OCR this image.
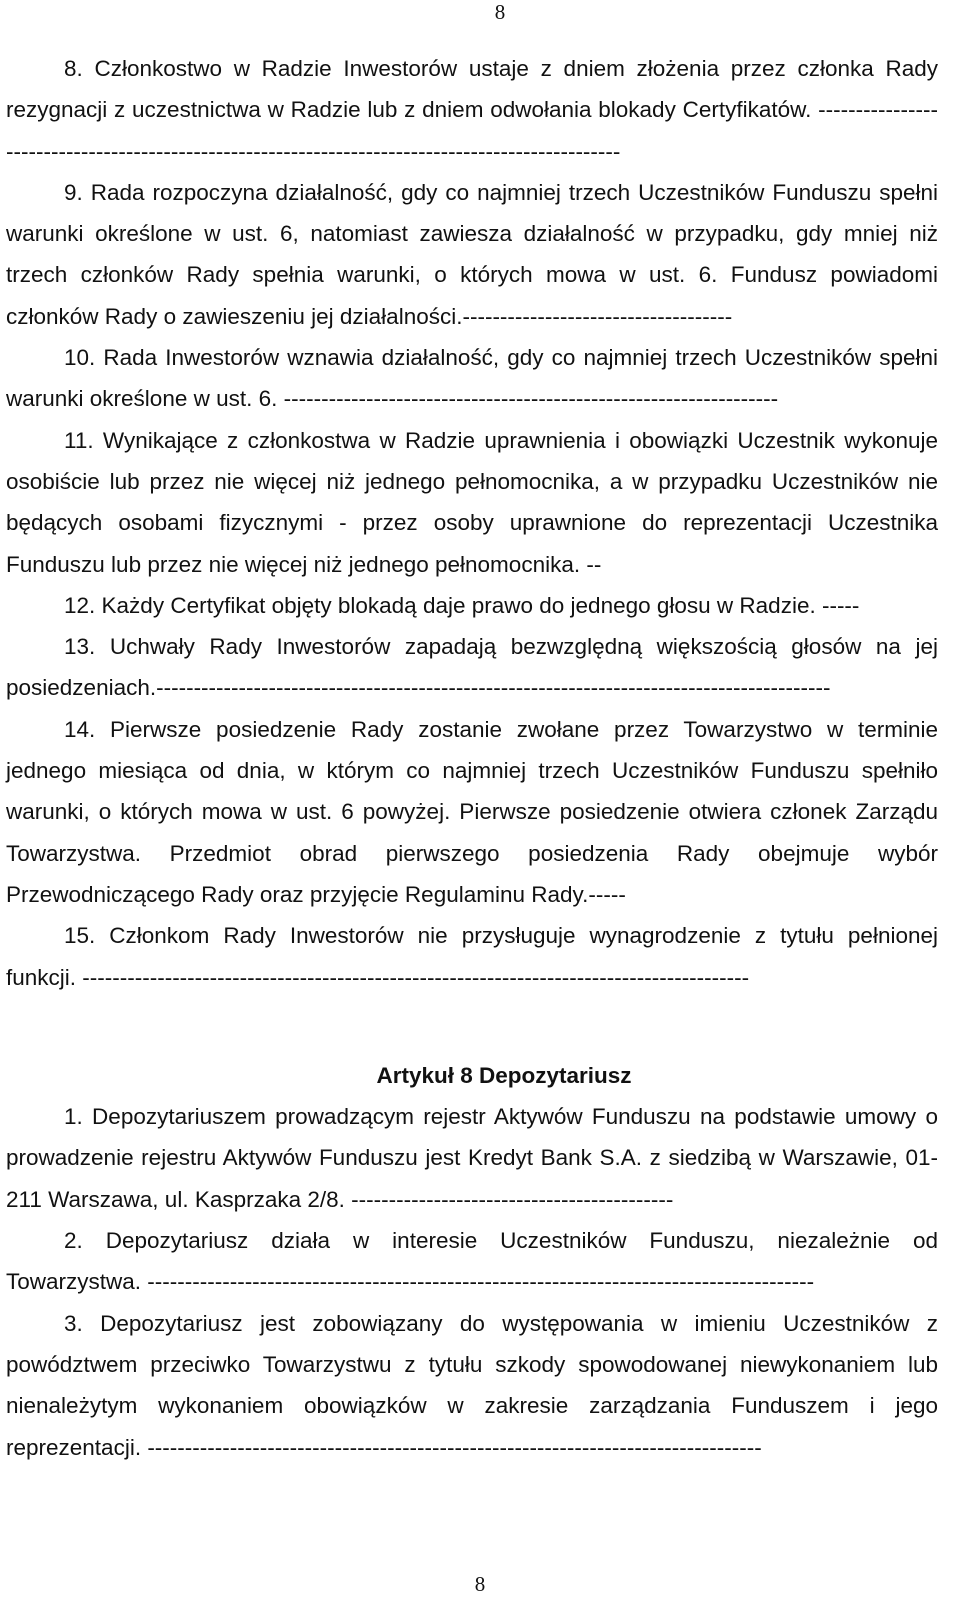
8

8. Członkostwo w Radzie Inwestorów ustaje z dniem złożenia przez członka Rady rezygnacji z uczestnictwa w Radzie lub z dniem odwołania blokady Certyfikatów. --------------------------------------------------------------------------------------------------

9. Rada rozpoczyna działalność, gdy co najmniej trzech Uczestników Funduszu spełni warunki określone w ust. 6, natomiast zawiesza działalność w przypadku, gdy mniej niż trzech członków Rady spełnia warunki, o których mowa w ust. 6. Fundusz powiadomi członków Rady o zawieszeniu jej działalności.------------------------------------

10. Rada Inwestorów wznawia działalność, gdy co najmniej trzech Uczestników spełni warunki określone w ust. 6. ------------------------------------------------------------------

11. Wynikające z członkostwa w Radzie uprawnienia i obowiązki Uczestnik wykonuje osobiście lub przez nie więcej niż jednego pełnomocnika, a w przypadku Uczestników nie będących osobami fizycznymi - przez osoby uprawnione do reprezentacji Uczestnika Funduszu lub przez nie więcej niż jednego pełnomocnika. --

12. Każdy Certyfikat objęty blokadą daje prawo do jednego głosu w Radzie. -----

13. Uchwały Rady Inwestorów zapadają bezwzględną większością głosów na jej posiedzeniach.------------------------------------------------------------------------------------------

14. Pierwsze posiedzenie Rady zostanie zwołane przez Towarzystwo w terminie jednego miesiąca od dnia, w którym co najmniej trzech Uczestników Funduszu spełniło warunki, o których mowa w ust. 6 powyżej. Pierwsze posiedzenie otwiera członek Zarządu Towarzystwa. Przedmiot obrad pierwszego posiedzenia Rady obejmuje wybór Przewodniczącego Rady oraz przyjęcie Regulaminu Rady.-----

15. Członkom Rady Inwestorów nie przysługuje wynagrodzenie z tytułu pełnionej funkcji. -----------------------------------------------------------------------------------------

Artykuł 8 Depozytariusz

1. Depozytariuszem prowadzącym rejestr Aktywów Funduszu na podstawie umowy o prowadzenie rejestru Aktywów Funduszu jest Kredyt Bank S.A. z siedzibą w Warszawie, 01-211 Warszawa, ul. Kasprzaka 2/8. -------------------------------------------

2. Depozytariusz działa w interesie Uczestników Funduszu, niezależnie od Towarzystwa. -----------------------------------------------------------------------------------------

3. Depozytariusz jest zobowiązany do występowania w imieniu Uczestników z powództwem przeciwko Towarzystwu z tytułu szkody spowodowanej niewykonaniem lub nienależytym wykonaniem obowiązków w zakresie zarządzania Funduszem i jego reprezentacji. ----------------------------------------------------------------------------------

8
